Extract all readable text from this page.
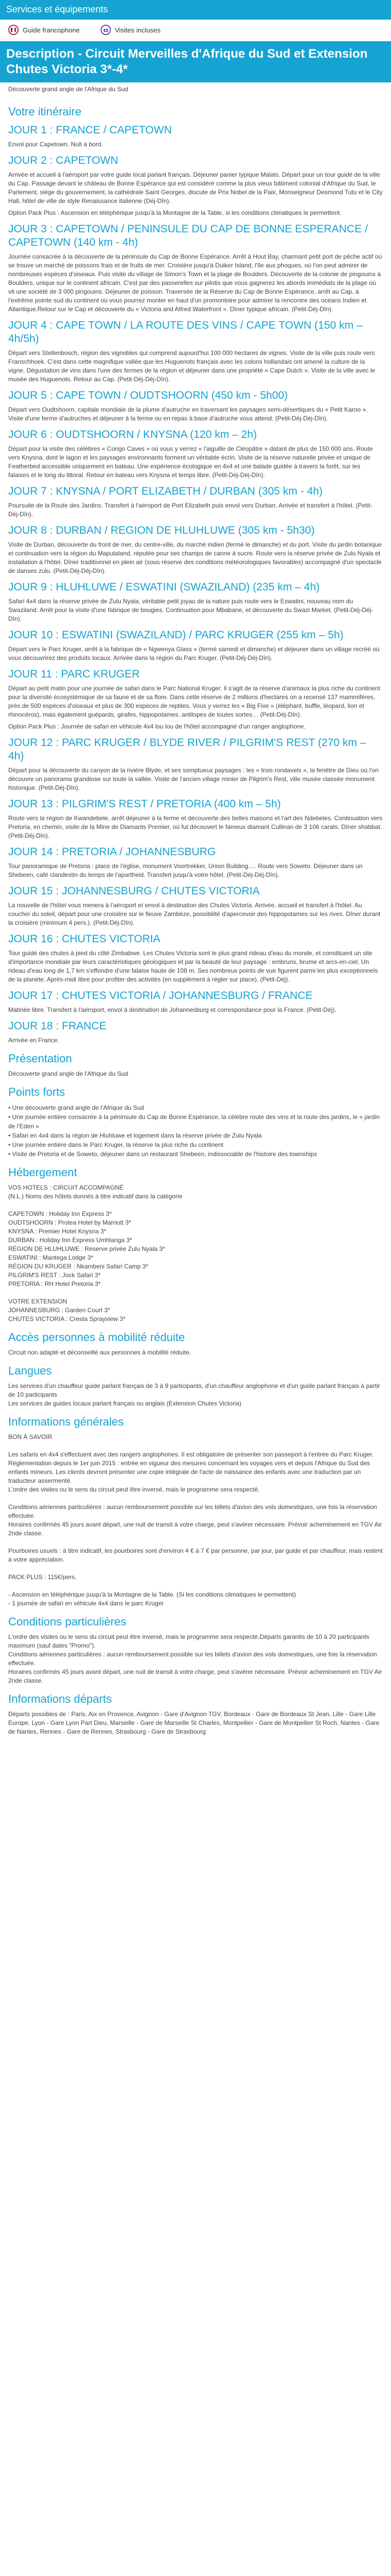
Services et équipements
Guide francophone	Visites incluses
Description - Circuit Merveilles d'Afrique du Sud et Extension Chutes Victoria 3*-4*
Découverte grand angle de l'Afrique du Sud
Votre itinéraire
JOUR 1 : FRANCE / CAPETOWN

Envol pour Capetown. Nuit à bord.

JOUR 2 : CAPETOWN

Arrivée et accueil à l'aéroport par votre guide local parlant français. Déjeuner panier typique Malais. Départ pour un tour guidé de la ville du Cap. Passage devant le château de Bonne Espérance qui est considéré comme la plus vieux bâtiment colonial d'Afrique du Sud, le Parlement, siège du gouvernement, la cathédrale Saint Georges, discute de Prix Nobel de la Paix, Monseigneur Desmond Tutu et le City Hall, hôtel de ville de style Renaissance italienne (Déj-Dîn).

Option Pack Plus : Ascension en téléphérique jusqu'à la Montagne de la Table, si les conditions climatiques le permettent.

JOUR 3 : CAPETOWN / PENINSULE DU CAP DE BONNE ESPERANCE / CAPETOWN (140 km - 4h)

Journée consacrée à la découverte de la péninsule du Cap de Bonne Espérance. Arrêt à Hout Bay, charmant petit port de pêche actif où se trouve un marché de poissons frais et de fruits de mer. Croisière jusqu'à Duiker Island, l'île aux phoques, où l'on peut admirer de nombreuses espèces d'oiseaux. Puis visite du village de Simon's Town et la plage de Boulders. Découverte de la colonie de pingouins à Boulders, unique sur le continent africain. C'est par des passerelles sur pilotis que vous gagnerez les abords immédiats de la plage où vit une société de 3 000 pingouins. Déjeuner de poisson. Traversée de la Réserve du Cap de Bonne Espérance, arrêt au Cap, à l'extrême pointe sud du continent où vous pourrez monter en haut d'un promontoire pour admirer la rencontre des océans Indien et Atlantique.Retour sur le Cap et découverte du « Victoria and Alfred Waterfront ». Dîner typique africain. (Petit-Déj-Dîn).

JOUR 4 : CAPE TOWN / LA ROUTE DES VINS / CAPE TOWN (150 km – 4h/5h)

Départ vers Stellenbosch, région des vignobles qui comprend aujourd'hui 100 000 hectares de vignes. Visite de la ville puis route vers Franschhoek. C'est dans cette magnifique vallée que les Huguenots français avec les colons hollandais ont amené la culture de la vigne. Dégustation de vins dans l'une des fermes de la région et déjeuner dans une propriété « Cape Dutch ». Visite de la ville avec le musée des Huguenots. Retour au Cap. (Petit-Déj-Déj-Dîn).

JOUR 5 : CAPE TOWN / OUDTSHOORN (450 km - 5h00)

Départ vers Oudtshoorn, capitale mondiale de la plume d'autruche en traversant les paysages semi-désertiques du « Petit Karoo ». Visite d'une ferme d'autruches et déjeuner à la ferme ou en repas à base d'autruche vous attend. (Petit-Déj-Déj-Dîn).

JOUR 6 : OUDTSHOORN / KNYSNA (120 km – 2h)

Départ pour la visite des célèbres « Congo Caves » où vous y verrez « l'aiguille de Cléopâtre » datant de plus de 150 000 ans. Route vers Knysna, dont le lagon et les paysages environnants forment un véritable écrin. Visite de la réserve naturelle privée et unique de Featherbed accessible uniquement en bateau. Une expérience écologique en 4x4 et une balade guidée à travers la forêt, sur les falaises et le long du littoral. Retour en bateau vers Knysna et temps libre. (Petit-Déj-Déj-Dîn).

JOUR 7 : KNYSNA / PORT ELIZABETH / DURBAN (305 km - 4h)

Poursuite de la Route des Jardins. Transfert à l'aéroport de Port Elizabeth puis envol vers Durban. Arrivée et transfert à l'hôtel. (Petit-Déj-Dîn).

JOUR 8 : DURBAN / REGION DE HLUHLUWE (305 km - 5h30)

Visite de Durban, découverte du front de mer, du centre-ville, du marché indien (fermé le dimanche) et du port. Visite du jardin botanique et continuation vers la région du Maputaland, réputée pour ses champs de canne à sucre. Route vers la réserve privée de Zulu Nyala et installation à l'hôtel. Dîner traditionnel en plein air (sous réserve des conditions météorologiques favorables) accompagné d'un spectacle de danses zulu. (Petit-Déj-Déj-Dîn).

JOUR 9 : HLUHLUWE / ESWATINI (SWAZILAND) (235 km – 4h)

Safari 4x4 dans la réserve privée de Zulu Nyala, véritable petit joyau de la nature puis route vers le Eswatini, nouveau nom du Swaziland. Arrêt pour la visite d'une fabrique de bougies. Continuation pour Mbabane, et découverte du Swazi Market. (Petit-Déj-Déj-Dîn).

JOUR 10 : ESWATINI (SWAZILAND) / PARC KRUGER (255 km – 5h)

Départ vers le Parc Kruger, arrêt à la fabrique de « Ngwenya Glass » (fermé samedi et dimanche) et déjeuner dans un village recréé où vous découvrirez des produits locaux. Arrivée dans la région du Parc Kruger. (Petit-Déj-Déj-Dîn).

JOUR 11 : PARC KRUGER

Départ au petit matin pour une journée de safari dans le Parc National Kruger. Il s'agit de la réserve d'animaux la plus riche du continent pour la diversité écosystémique de sa faune et de sa flore. Dans cette réserve de 2 millions d'hectares on a recensé 137 mammifères, près de 500 espèces d'oiseaux et plus de 300 espèces de reptiles. Vous y verrez les « Big Five » (éléphant, buffle, léopard, lion et rhinocéros), mais également guépards, girafes, hippopotames, antilopes de toutes sortes… (Petit-Déj-Dîn).

Option Pack Plus : Journée de safari en véhicule 4x4 lou lou de l'hôtel accompagné d'un ranger anglophone.

JOUR 12 : PARC KRUGER / BLYDE RIVER / PILGRIM'S REST (270 km – 4h)

Départ pour la découverte du canyon de la rivière Blyde, et ses somptueux paysages : les « trois rondavels », la fenêtre de Dieu où l'on découvre un panorama grandiose sur toute la vallée. Visite de l'ancien village minier de Pilgrim's Rest, ville musée classée monument historique. (Petit-Déj-Dîn).

JOUR 13 : PILGRIM'S REST / PRETORIA (400 km – 5h)

Route vers la région de Kwandebele, arrêt déjeuner à la ferme et découverte des belles maisons et l'art des Ndebeles. Continuation vers Pretoria, en chemin, visite de la Mine de Diamants Premier, où fut découvert le fameux diamant Cullinan de 3 106 carats. Dîner shabbat. (Petit-Déj-Dîn).

JOUR 14 : PRETORIA / JOHANNESBURG

Tour panoramique de Pretoria : place de l'église, monument Voortrekker, Union Building…. Route vers Soweto. Déjeuner dans un Shebeen, café clandestin du temps de l'apartheid. Transfert jusqu'à votre hôtel. (Petit-Déj-Déj-Dîn).

JOUR 15 : JOHANNESBURG / CHUTES VICTORIA

La nouvelle de l'hôtel vous menera à l'aéroport et envol à destination des Chutes Victoria. Arrivée, accueil et transfert à l'hôtel. Au coucher du soleil, départ pour une croisière sur le fleuve Zambèze, possibilité d'apercevoir des hippopotames sur les rives. Dîner durant la croisière (minimum 4 pers.). (Petit-Déj-Dîn).

JOUR 16 : CHUTES VICTORIA

Tour guidé des chutes à pied du côté Zimbabwe. Les Chutes Victoria sont le plus grand rideau d'eau du monde, et constituent un site d'importance mondiale par leurs caractéristiques géologiques et par la beauté de leur paysage : embruns, brume et arcs-en-ciel. Un rideau d'eau long de 1,7 km s'effondre d'une falaise haute de 108 m. Ses nombreux points de vue figurent parmi les plus exceptionnels de la planète. Après-midi libre pour profiter des activités (en supplément à régler sur place). (Petit-Déj).

JOUR 17 : CHUTES VICTORIA / JOHANNESBURG / FRANCE

Matinée libre. Transfert à l'aéroport, envol à destination de Johannesburg et correspondance pour la France. (Petit-Déj).

JOUR 18 : FRANCE

Arrivée en France.

Présentation

Découverte grand angle de l'Afrique du Sud

Points forts
• Une découverte grand angle de l'Afrique du Sud
• Une journée entière consacrée à la péninsule du Cap de Bonne Espérance, la célèbre route des vins et la route des jardins, le « jardin de l'Eden »
• Safari en 4x4 dans la région de Hluhluwe et logement dans la réserve privée de Zulu Nyala
• Une journée entière dans le Parc Kruger, la réserve la plus riche du continent
• Visite de Pretoria et de Soweto, déjeuner dans un restaurant Shebeen, indissociable de l'histoire des townships
Hébergement
VOS HOTELS : CIRCUIT ACCOMPAGNÉ
(N.L.) Noms des hôtels donnés à titre indicatif dans la catégorie

CAPETOWN : Holiday Inn Express 3*
OUDTSHOORN : Protea Hotel by Marriott 3*
KNYSNA : Premier Hotel Knysna 3*
DURBAN : Holiday Inn Express Umhlanga 3*
RÉGION DE HLUHLUWE : Réserve privée Zulu Nyala 3*
ESWATINI : Mantega Lodge 3*
RÉGION DU KRUGER : Nkambeni Safari Camp 3*
PILGRIM'S REST : Jock Safari 3*
PRETORIA : RH Hotel Pretoria 3*

VOTRE EXTENSION
JOHANNESBURG : Garden Court 3*
CHUTES VICTORIA : Cresta Sprayview 3*
Accès personnes à mobilité réduite

Circuit non adapté et déconseillé aux personnes à mobilité réduite.

Langues
Les services d'un chauffeur guide parlant français de 3 à 9 participants, d'un chauffeur anglophone et d'un guide parlant français à partir de 10 participants
Les services de guides locaux parlant français ou anglais (Extension Chutes Victoria)
Informations générales
BON À SAVOIR

Les safaris en 4x4 s'effectuent avec des rangers anglophones. Il est obligatoire de présenter son passeport à l'entrée du Parc Kruger.
Réglementation depuis le 1er juin 2015 : entrée en vigueur des mesures concernant les voyages vers et depuis l'Afrique du Sud des enfants mineurs. Les clients devront présenter une copie intégrale de l'acte de naissance des enfants avec une traduction par un traducteur assermenté.
L'ordre des visites ou le sens du circuit peut être inversé, mais le programme sera respecté.

Conditions aériennes particulières : aucun remboursement possible sur les billets d'avion des vols domestiques, une fois la réservation effectuée.
Horaires confirmés 45 jours avant départ, une nuit de transit à votre charge, peut s'avérer nécessaire. Prévoir acheminement en TGV Air 2nde classe.

Pourboires usuels : à titre indicatif, les pourboires sont d'environ 4 € à 7 € par personne, par jour, par guide et par chauffeur, mais restent à votre appréciation.

PACK PLUS : 115€/pers.

- Ascension en téléphérique jusqu'à la Montagne de la Table. (Si les conditions climatiques le permettent)
- 1 journée de safari en véhicule 4x4 dans le parc Kruger
Conditions particulières
L'ordre des visites ou le sens du circuit peut être inversé, mais le programme sera respecté.Départs garantis de 10 à 20 participants maximum (sauf dates "Promo").
Conditions aériennes particulières : aucun remboursement possible sur les billets d'avion des vols domestiques, une fois la réservation effectuée.
Horaires confirmés 45 jours avant départ, une nuit de transit à votre charge, peut s'avérer nécessaire. Prévoir acheminement en TGV Air 2nde classe.
Informations départs
Départs possibles de : Paris, Aix en Provence, Avignon - Gare d'Avignon TGV, Bordeaux - Gare de Bordeaux St Jean, Lille - Gare Lille Europe, Lyon - Gare Lyon Part Dieu, Marseille - Gare de Marseille St Charles, Montpellier - Gare de Montpellier St Roch, Nantes - Gare de Nantes, Rennes - Gare de Rennes, Strasbourg - Gare de Strasbourg
